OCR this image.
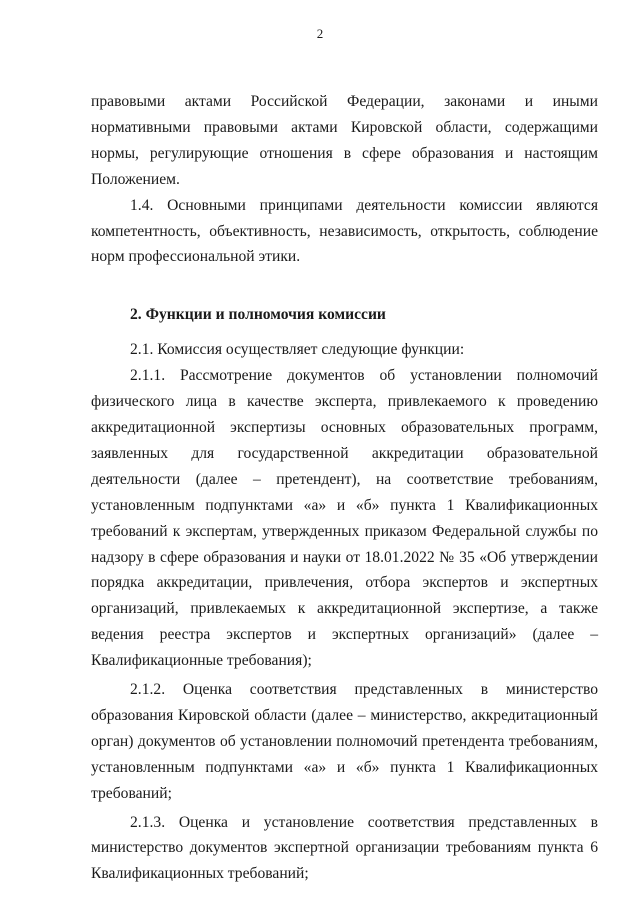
2

правовыми актами Российской Федерации, законами и иными нормативными правовыми актами Кировской области, содержащими нормы, регулирующие отношения в сфере образования и настоящим Положением.

1.4. Основными принципами деятельности комиссии являются компетентность, объективность, независимость, открытость, соблюдение норм профессиональной этики.

2. Функции и полномочия комиссии

2.1. Комиссия осуществляет следующие функции:

2.1.1. Рассмотрение документов об установлении полномочий физического лица в качестве эксперта, привлекаемого к проведению аккредитационной экспертизы основных образовательных программ, заявленных для государственной аккредитации образовательной деятельности (далее – претендент), на соответствие требованиям, установленным подпунктами «а» и «б» пункта 1 Квалификационных требований к экспертам, утвержденных приказом Федеральной службы по надзору в сфере образования и науки от 18.01.2022 № 35 «Об утверждении порядка аккредитации, привлечения, отбора экспертов и экспертных организаций, привлекаемых к аккредитационной экспертизе, а также ведения реестра экспертов и экспертных организаций» (далее – Квалификационные требования);

2.1.2. Оценка соответствия представленных в министерство образования Кировской области (далее – министерство, аккредитационный орган) документов об установлении полномочий претендента требованиям, установленным подпунктами «а» и «б» пункта 1 Квалификационных требований;

2.1.3. Оценка и установление соответствия представленных в министерство документов экспертной организации требованиям пункта 6 Квалификационных требований;
